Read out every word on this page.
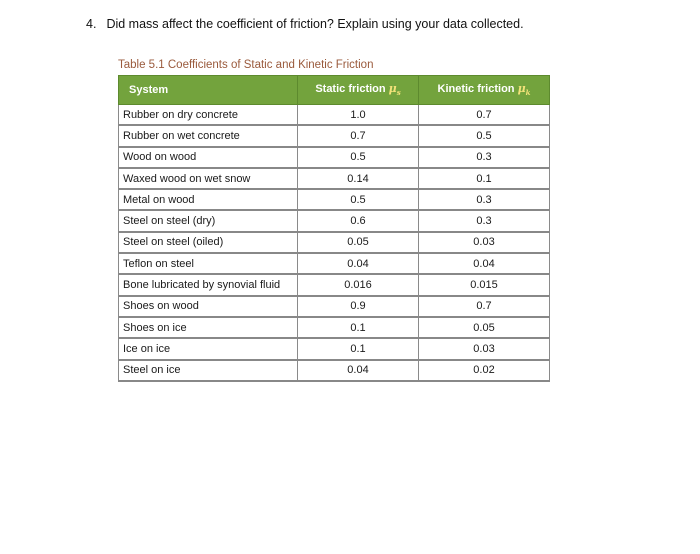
4. Did mass affect the coefficient of friction? Explain using your data collected.
Table 5.1 Coefficients of Static and Kinetic Friction
System	Static friction $\mu_s$	Kinetic friction $\mu_k$
Rubber on dry concrete	1.0	0.7
Rubber on wet concrete	0.7	0.5
Wood on wood	0.5	0.3
Waxed wood on wet snow	0.14	0.1
Metal on wood	0.5	0.3
Steel on steel (dry)	0.6	0.3
Steel on steel (oiled)	0.05	0.03
Teflon on steel	0.04	0.04
Bone lubricated by synovial fluid	0.016	0.015
Shoes on wood	0.9	0.7
Shoes on ice	0.1	0.05
Ice on ice	0.1	0.03
Steel on ice	0.04	0.02
